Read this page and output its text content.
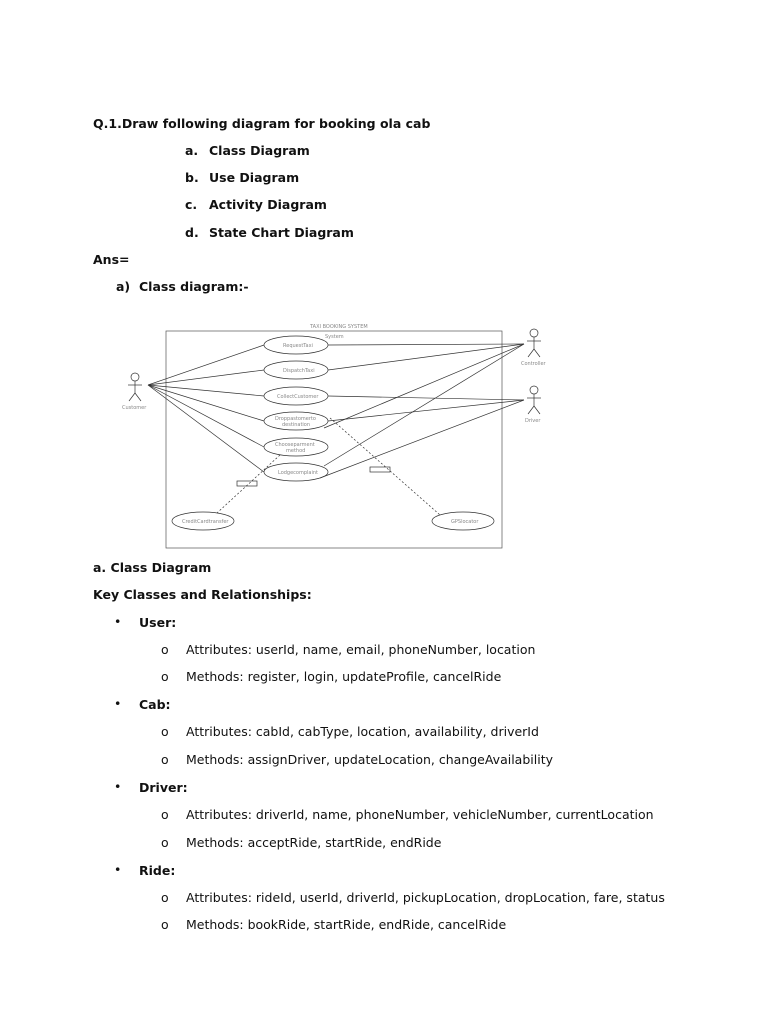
Q.1.Draw following diagram for booking ola cab
a. Class Diagram
b. Use Diagram
c. Activity Diagram
d. State Chart Diagram
Ans=
a) Class diagram:-
TAXI BOOKING SYSTEM
System
RequestTaxi
DispatchTaxi
CollectCustomer
Droppastomerto
destination
Chooseparment
method
Lodgecomplaint
CreditCardtransfer	GPSlocator
Customer
Controller
Driver
a. Class Diagram
Key Classes and Relationships:
• User:
o Attributes: userId, name, email, phoneNumber, location
o Methods: register, login, updateProfile, cancelRide
• Cab:
o Attributes: cabId, cabType, location, availability, driverId
o Methods: assignDriver, updateLocation, changeAvailability
• Driver:
o Attributes: driverId, name, phoneNumber, vehicleNumber, currentLocation
o Methods: acceptRide, startRide, endRide
• Ride:
o Attributes: rideId, userId, driverId, pickupLocation, dropLocation, fare, status
o Methods: bookRide, startRide, endRide, cancelRide
